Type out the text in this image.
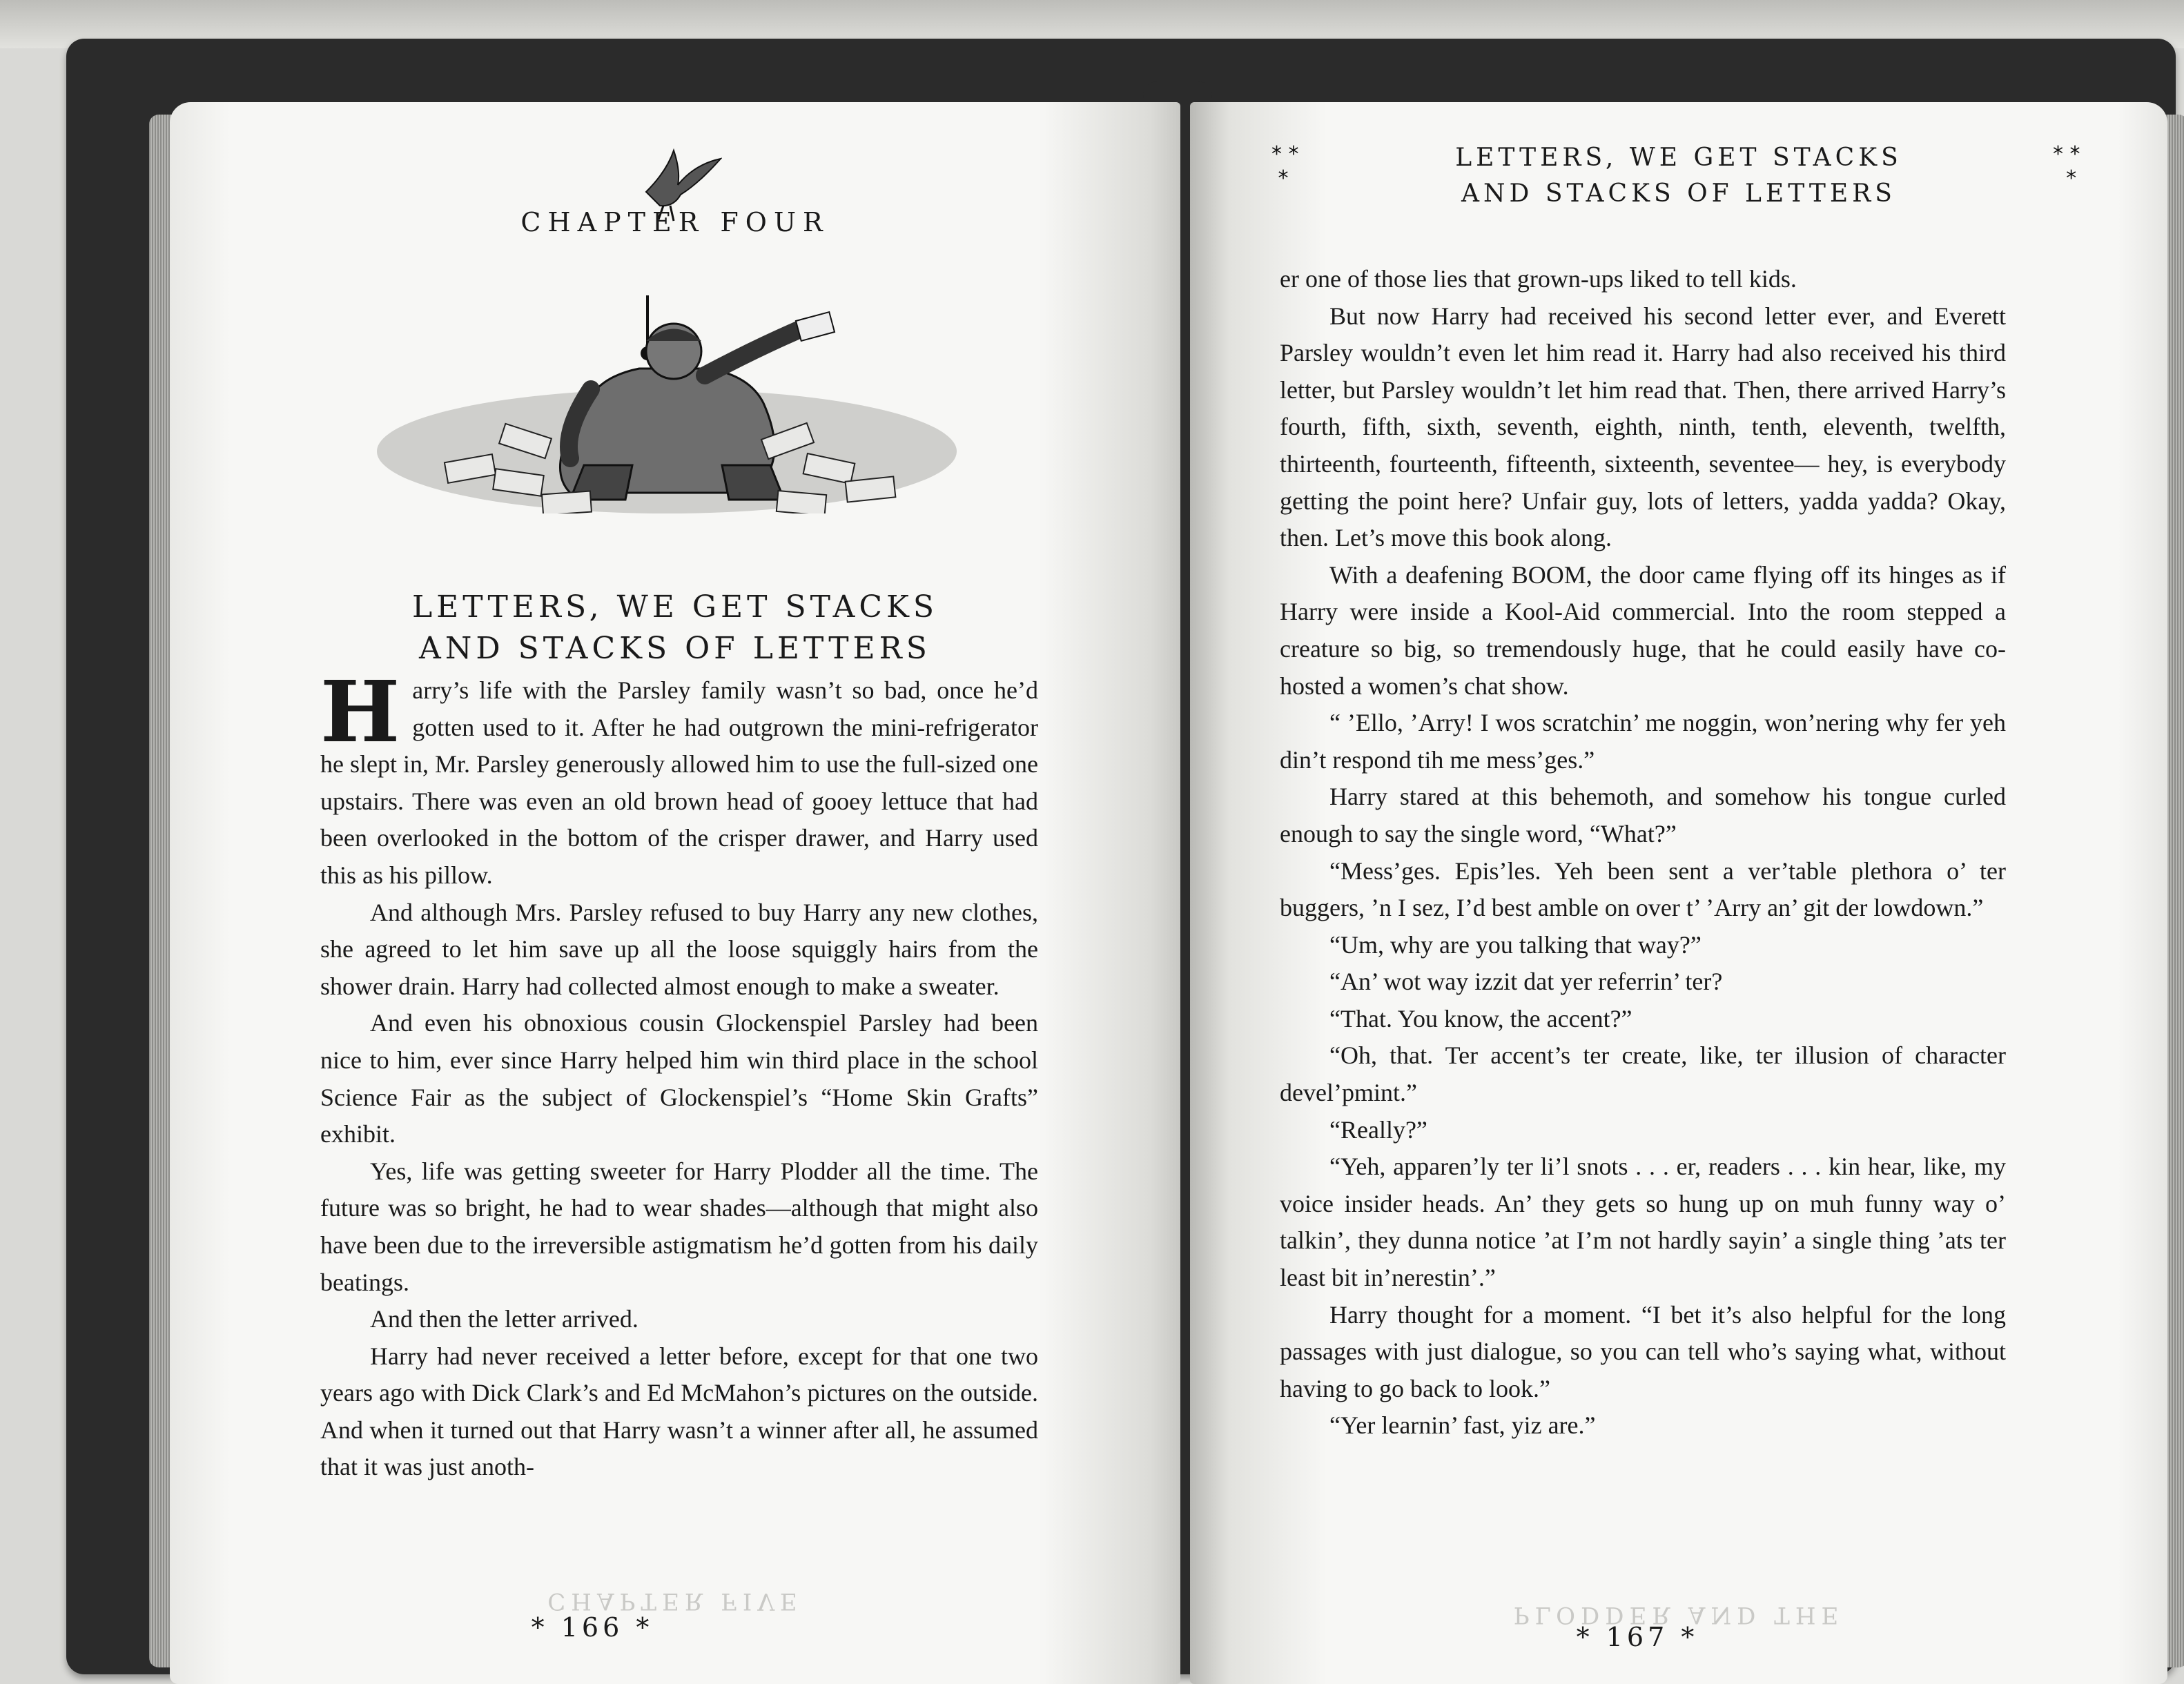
CHAPTER FIVE
CHAPTER FOUR
LETTERS, WE GET STACKS
AND STACKS OF LETTERS

Harry’s life with the Parsley family wasn’t so bad, once he’d gotten used to it. After he had outgrown the mini-refrigerator he slept in, Mr. Parsley generously allowed him to use the full-sized one upstairs. There was even an old brown head of gooey lettuce that had been overlooked in the bottom of the crisper drawer, and Harry used this as his pillow.

And although Mrs. Parsley refused to buy Harry any new clothes, she agreed to let him save up all the loose squiggly hairs from the shower drain. Harry had collected almost enough to make a sweater.

And even his obnoxious cousin Glockenspiel Parsley had been nice to him, ever since Harry helped him win third place in the school Science Fair as the subject of Glockenspiel’s “Home Skin Grafts” exhibit.

Yes, life was getting sweeter for Harry Plodder all the time. The future was so bright, he had to wear shades—although that might also have been due to the irreversible astigmatism he’d gotten from his daily beatings.

And then the letter arrived.

Harry had never received a letter before, except for that one two years ago with Dick Clark’s and Ed McMahon’s pictures on the outside. And when it turned out that Harry wasn’t a winner after all, he assumed that it was just anoth-

* 166 *	PLODDER AND THE
* *
*
* *
*
LETTERS, WE GET STACKS
AND STACKS OF LETTERS

er one of those lies that grown-ups liked to tell kids.

But now Harry had received his second letter ever, and Everett Parsley wouldn’t even let him read it. Harry had also received his third letter, but Parsley wouldn’t let him read that. Then, there arrived Harry’s fourth, fifth, sixth, seventh, eighth, ninth, tenth, eleventh, twelfth, thirteenth, fourteenth, fifteenth, sixteenth, seventee— hey, is everybody getting the point here? Unfair guy, lots of letters, yadda yadda? Okay, then. Let’s move this book along.

With a deafening BOOM, the door came flying off its hinges as if Harry were inside a Kool-Aid commercial. Into the room stepped a creature so big, so tremendously huge, that he could easily have co-hosted a women’s chat show.

“ ’Ello, ’Arry! I wos scratchin’ me noggin, won’nering why fer yeh din’t respond tih me mess’ges.”

Harry stared at this behemoth, and somehow his tongue curled enough to say the single word, “What?”

“Mess’ges. Epis’les. Yeh been sent a ver’table plethora o’ ter buggers, ’n I sez, I’d best amble on over t’ ’Arry an’ git der lowdown.”

“Um, why are you talking that way?”

“An’ wot way izzit dat yer referrin’ ter?

“That. You know, the accent?”

“Oh, that. Ter accent’s ter create, like, ter illusion of character devel’pmint.”

“Really?”

“Yeh, apparen’ly ter li’l snots . . . er, readers . . . kin hear, like, my voice insider heads. An’ they gets so hung up on muh funny way o’ talkin’, they dunna notice ’at I’m not hardly sayin’ a single thing ’ats ter least bit in’nerestin’.”

Harry thought for a moment. “I bet it’s also helpful for the long passages with just dialogue, so you can tell who’s saying what, without having to go back to look.”

“Yer learnin’ fast, yiz are.”

* 167 *
